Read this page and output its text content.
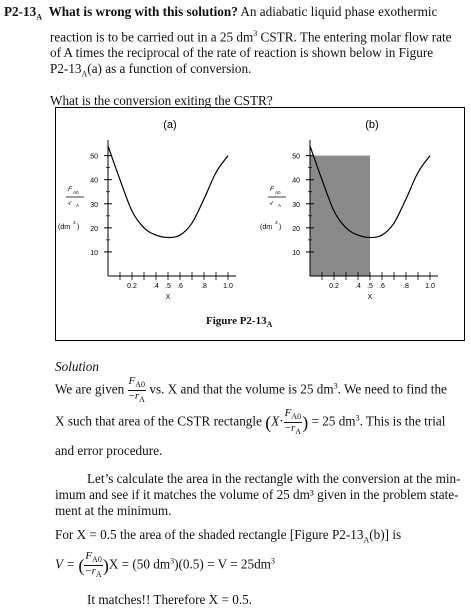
$P2-13_A$ What is wrong with this solution? An adiabatic liquid phase exothermic
reaction is to be carried out in a 25 $dm^3$ CSTR. The entering molar flow rate
of A times the reciprocal of the rate of reaction is shown below in Figure
$P2-13_A(a)$ as a function of conversion.
What is the conversion exiting the CSTR?
(a)
10
20
30
40
50
0.2 .4 .5 .6	.8 1.0
X
F A0
-r A
(dm
3
)
(b)
10
20
30
40
50
0.2 .4 .5 .6	.8 1.0
X
F A0
-r A
(dm
3
)
Figure $P2-13_A$
Solution
We are given $\frac{F_{A0}}{-r_A}$ vs. X and that the volume is 25 $dm^3$. We need to find the
X such that area of the CSTR rectangle ($X\cdot \frac{F_{A0}}{-r_A}$ ) = 25 $dm^3$. This is the trial
and error procedure.
Let’s calculate the area in the rectangle with the conversion at the min-
imum and see if it matches the volume of 25 dm³ given in the problem state-
ment at the minimum.
For X = 0.5 the area of the shaded rectangle [Figure $P2-13_A(b)$] is
V = ( $\frac{F_{A0}}{-r_A} )X = (50$ $dm^3)(0.5) = V = 25dm^3$
It matches!! Therefore X = 0.5.
